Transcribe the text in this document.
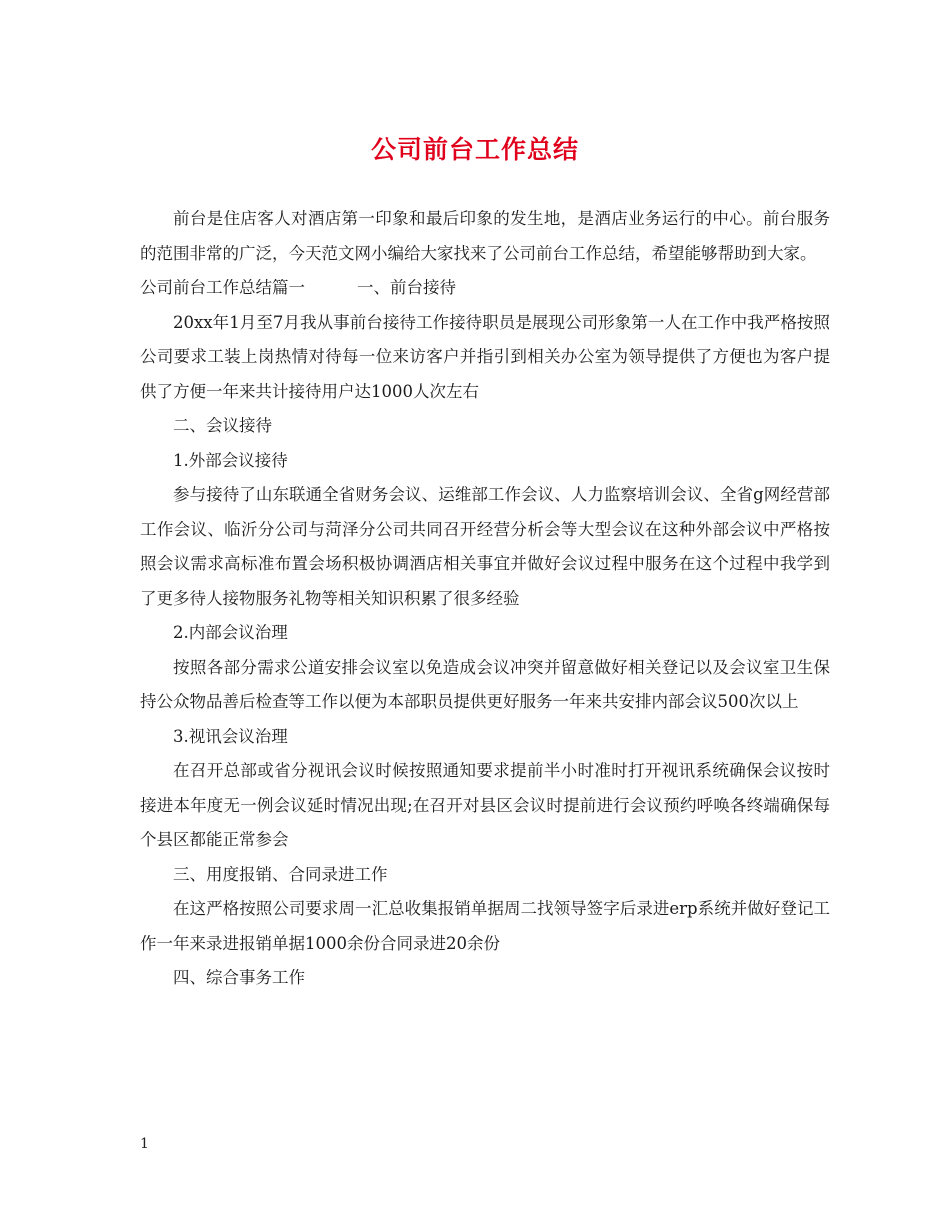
公司前台工作总结

前台是住店客人对酒店第一印象和最后印象的发生地，是酒店业务运行的中心。前台服务的范围非常的广泛，今天范文网小编给大家找来了公司前台工作总结，希望能够帮助到大家。

公司前台工作总结篇一	一、前台接待

20xx年1月至7月我从事前台接待工作接待职员是展现公司形象第一人在工作中我严格按照公司要求工装上岗热情对待每一位来访客户并指引到相关办公室为领导提供了方便也为客户提供了方便一年来共计接待用户达1000人次左右

二、会议接待

1.外部会议接待

参与接待了山东联通全省财务会议、运维部工作会议、人力监察培训会议、全省g网经营部工作会议、临沂分公司与菏泽分公司共同召开经营分析会等大型会议在这种外部会议中严格按照会议需求高标准布置会场积极协调酒店相关事宜并做好会议过程中服务在这个过程中我学到了更多待人接物服务礼物等相关知识积累了很多经验

2.内部会议治理

按照各部分需求公道安排会议室以免造成会议冲突并留意做好相关登记以及会议室卫生保持公众物品善后检查等工作以便为本部职员提供更好服务一年来共安排内部会议500次以上

3.视讯会议治理

在召开总部或省分视讯会议时候按照通知要求提前半小时准时打开视讯系统确保会议按时接进本年度无一例会议延时情况出现;在召开对县区会议时提前进行会议预约呼唤各终端确保每个县区都能正常参会

三、用度报销、合同录进工作

在这严格按照公司要求周一汇总收集报销单据周二找领导签字后录进erp系统并做好登记工作一年来录进报销单据1000余份合同录进20余份

四、综合事务工作

1
